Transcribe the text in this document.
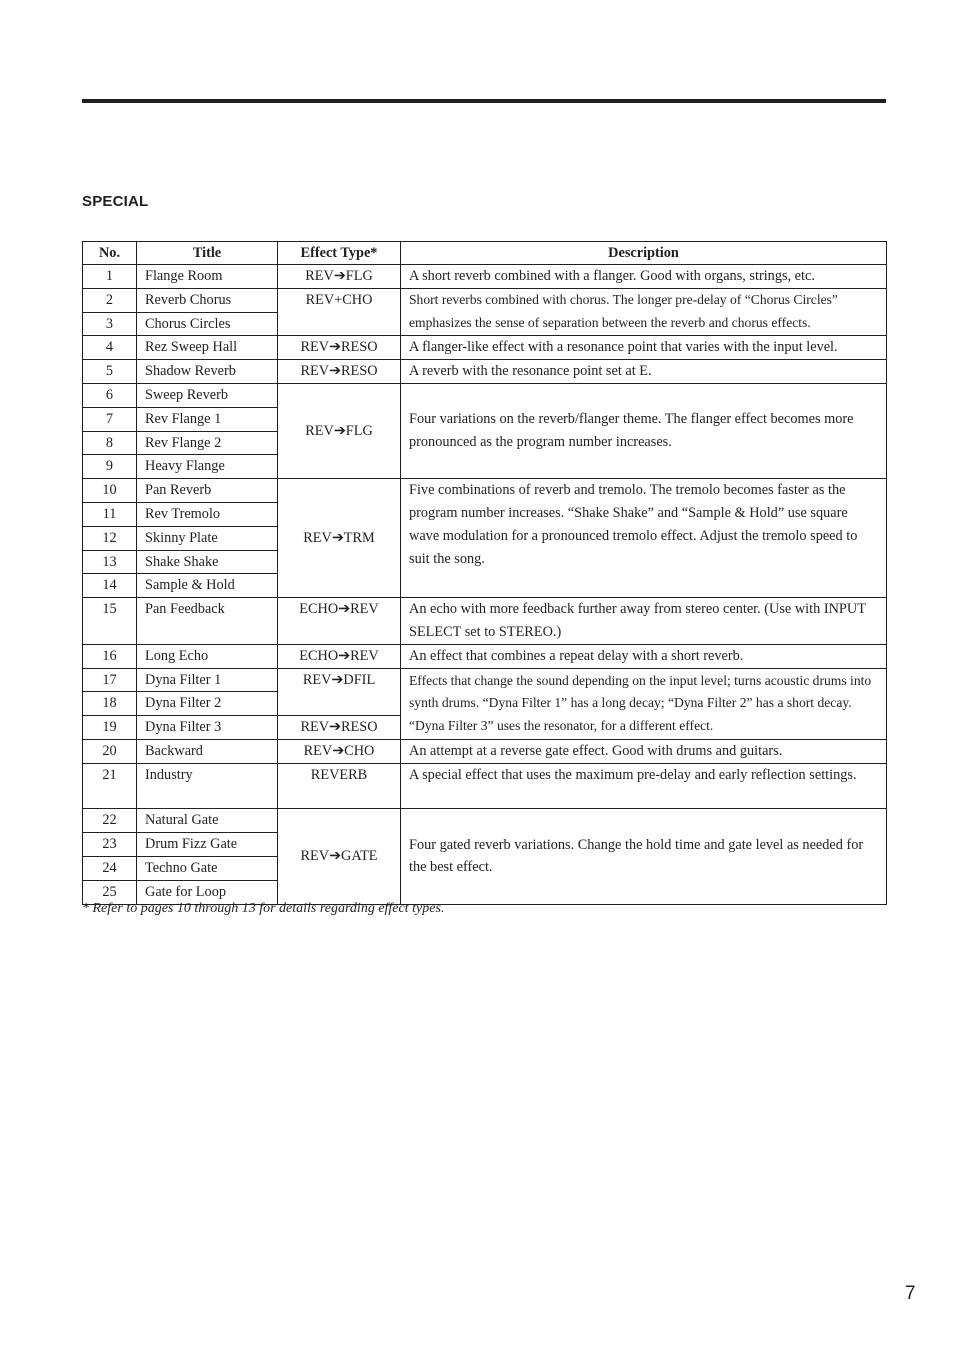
SPECIAL
No.	Title	Effect Type*	Description
1	Flange Room	REV➔FLG	A short reverb combined with a flanger. Good with organs, strings, etc.
2	Reverb Chorus	REV+CHO	Short reverbs combined with chorus. The longer pre-delay of “Chorus Circles” emphasizes the sense of separation between the reverb and chorus effects.
3	Chorus Circles		
4	Rez Sweep Hall	REV➔RESO	A flanger-like effect with a resonance point that varies with the input level.
5	Shadow Reverb	REV➔RESO	A reverb with the resonance point set at E.
6	Sweep Reverb	REV➔FLG	Four variations on the reverb/flanger theme. The flanger effect becomes more pronounced as the program number increases.
7	Rev Flange 1		
8	Rev Flange 2		
9	Heavy Flange		
10	Pan Reverb	REV➔TRM	Five combinations of reverb and tremolo. The tremolo becomes faster as the program number increases. “Shake Shake” and “Sample & Hold” use square wave modulation for a pronounced tremolo effect. Adjust the tremolo speed to suit the song.
11	Rev Tremolo		
12	Skinny Plate		
13	Shake Shake		
14	Sample & Hold		
15	Pan Feedback	ECHO➔REV	An echo with more feedback further away from stereo center. (Use with INPUT SELECT set to STEREO.)
16	Long Echo	ECHO➔REV	An effect that combines a repeat delay with a short reverb.
17	Dyna Filter 1	REV➔DFIL	Effects that change the sound depending on the input level; turns acoustic drums into synth drums. “Dyna Filter 1” has a long decay; “Dyna Filter 2” has a short decay. “Dyna Filter 3” uses the resonator, for a different effect.
18	Dyna Filter 2		
19	Dyna Filter 3	REV➔RESO	
20	Backward	REV➔CHO	An attempt at a reverse gate effect. Good with drums and guitars.
21	Industry	REVERB	A special effect that uses the maximum pre-delay and early reflection settings.
22	Natural Gate	REV➔GATE	Four gated reverb variations. Change the hold time and gate level as needed for the best effect.
23	Drum Fizz Gate		
24	Techno Gate		
25	Gate for Loop		
* Refer to pages 10 through 13 for details regarding effect types.
7
